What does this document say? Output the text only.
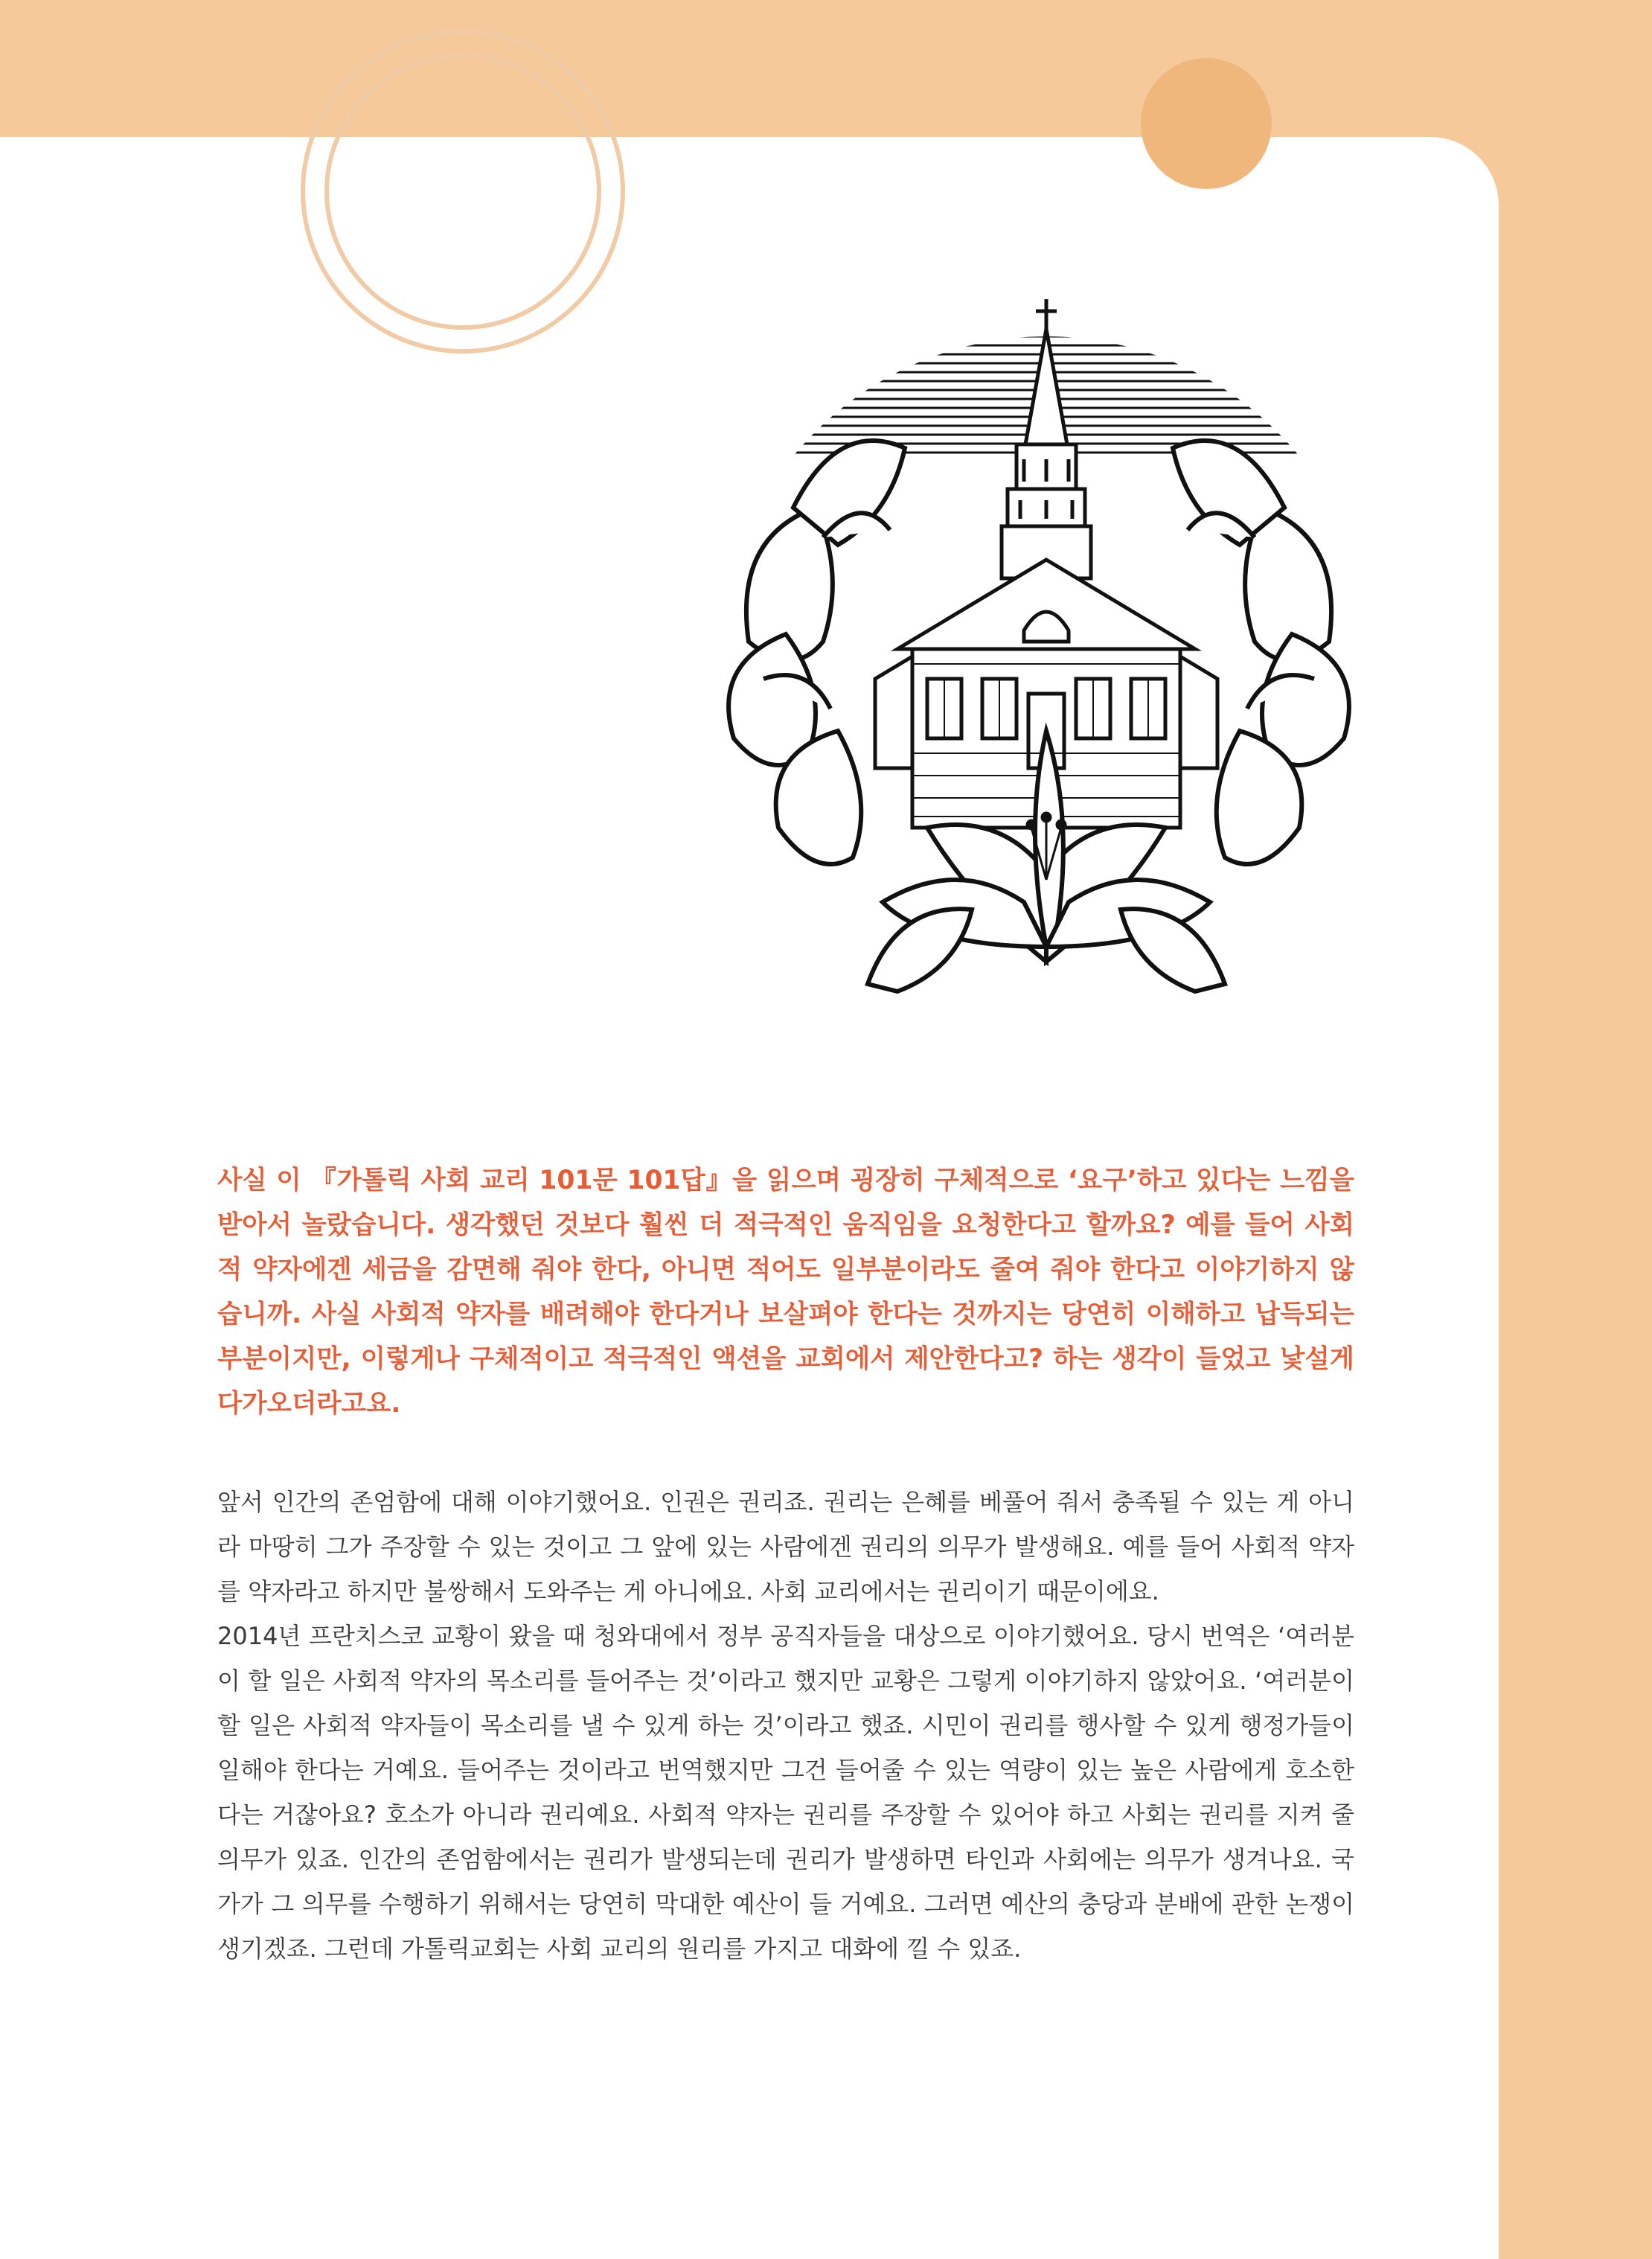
사실 이 『가톨릭 사회 교리 101문 101답』을 읽으며 굉장히 구체적으로 ‘요구’하고 있다는 느낌을 받아서 놀랐습니다. 생각했던 것보다 훨씬 더 적극적인 움직임을 요청한다고 할까요? 예를 들어 사회적 약자에겐 세금을 감면해 줘야 한다, 아니면 적어도 일부분이라도 줄여 줘야 한다고 이야기하지 않습니까. 사실 사회적 약자를 배려해야 한다거나 보살펴야 한다는 것까지는 당연히 이해하고 납득되는 부분이지만, 이렇게나 구체적이고 적극적인 액션을 교회에서 제안한다고? 하는 생각이 들었고 낯설게 다가오더라고요.

앞서 인간의 존엄함에 대해 이야기했어요. 인권은 권리죠. 권리는 은혜를 베풀어 줘서 충족될 수 있는 게 아니라 마땅히 그가 주장할 수 있는 것이고 그 앞에 있는 사람에겐 권리의 의무가 발생해요. 예를 들어 사회적 약자를 약자라고 하지만 불쌍해서 도와주는 게 아니에요. 사회 교리에서는 권리이기 때문이에요.

2014년 프란치스코 교황이 왔을 때 청와대에서 정부 공직자들을 대상으로 이야기했어요. 당시 번역은 ‘여러분이 할 일은 사회적 약자의 목소리를 들어주는 것’이라고 했지만 교황은 그렇게 이야기하지 않았어요. ‘여러분이 할 일은 사회적 약자들이 목소리를 낼 수 있게 하는 것’이라고 했죠. 시민이 권리를 행사할 수 있게 행정가들이 일해야 한다는 거예요. 들어주는 것이라고 번역했지만 그건 들어줄 수 있는 역량이 있는 높은 사람에게 호소한다는 거잖아요? 호소가 아니라 권리예요. 사회적 약자는 권리를 주장할 수 있어야 하고 사회는 권리를 지켜 줄 의무가 있죠. 인간의 존엄함에서는 권리가 발생되는데 권리가 발생하면 타인과 사회에는 의무가 생겨나요. 국가가 그 의무를 수행하기 위해서는 당연히 막대한 예산이 들 거예요. 그러면 예산의 충당과 분배에 관한 논쟁이 생기겠죠. 그런데 가톨릭교회는 사회 교리의 원리를 가지고 대화에 낄 수 있죠.
